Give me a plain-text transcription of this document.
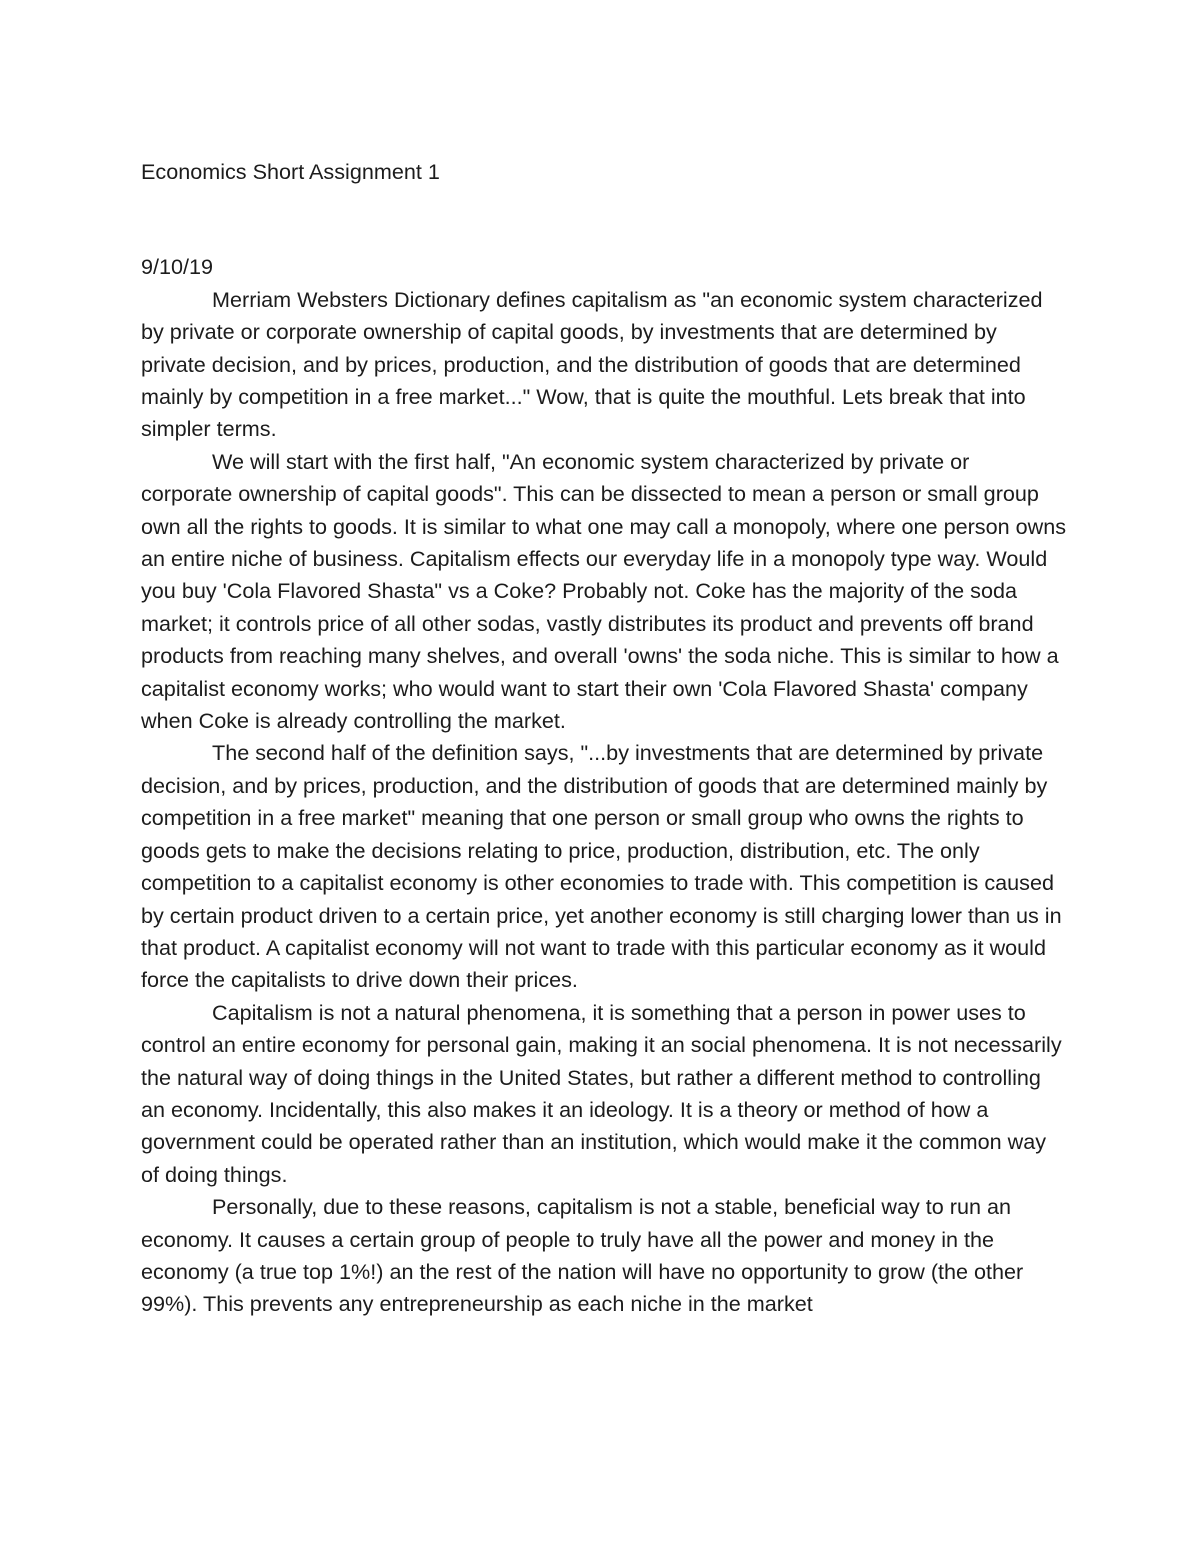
Economics Short Assignment 1

9/10/19

Merriam Websters Dictionary defines capitalism as "an economic system characterized by private or corporate ownership of capital goods, by investments that are determined by private decision, and by prices, production, and the distribution of goods that are determined mainly by competition in a free market..." Wow, that is quite the mouthful. Lets break that into simpler terms.

We will start with the first half, "An economic system characterized by private or corporate ownership of capital goods". This can be dissected to mean a person or small group own all the rights to goods. It is similar to what one may call a monopoly, where one person owns an entire niche of business. Capitalism effects our everyday life in a monopoly type way. Would you buy 'Cola Flavored Shasta" vs a Coke? Probably not. Coke has the majority of the soda market; it controls price of all other sodas, vastly distributes its product and prevents off brand products from reaching many shelves, and overall 'owns' the soda niche. This is similar to how a capitalist economy works; who would want to start their own 'Cola Flavored Shasta' company when Coke is already controlling the market.

The second half of the definition says, "...by investments that are determined by private decision, and by prices, production, and the distribution of goods that are determined mainly by competition in a free market" meaning that one person or small group who owns the rights to goods gets to make the decisions relating to price, production, distribution, etc. The only competition to a capitalist economy is other economies to trade with. This competition is caused by certain product driven to a certain price, yet another economy is still charging lower than us in that product. A capitalist economy will not want to trade with this particular economy as it would force the capitalists to drive down their prices.

Capitalism is not a natural phenomena, it is something that a person in power uses to control an entire economy for personal gain, making it an social phenomena. It is not necessarily the natural way of doing things in the United States, but rather a different method to controlling an economy. Incidentally, this also makes it an ideology. It is a theory or method of how a government could be operated rather than an institution, which would make it the common way of doing things.

Personally, due to these reasons, capitalism is not a stable, beneficial way to run an economy. It causes a certain group of people to truly have all the power and money in the economy (a true top 1%!) an the rest of the nation will have no opportunity to grow (the other 99%). This prevents any entrepreneurship as each niche in the market
